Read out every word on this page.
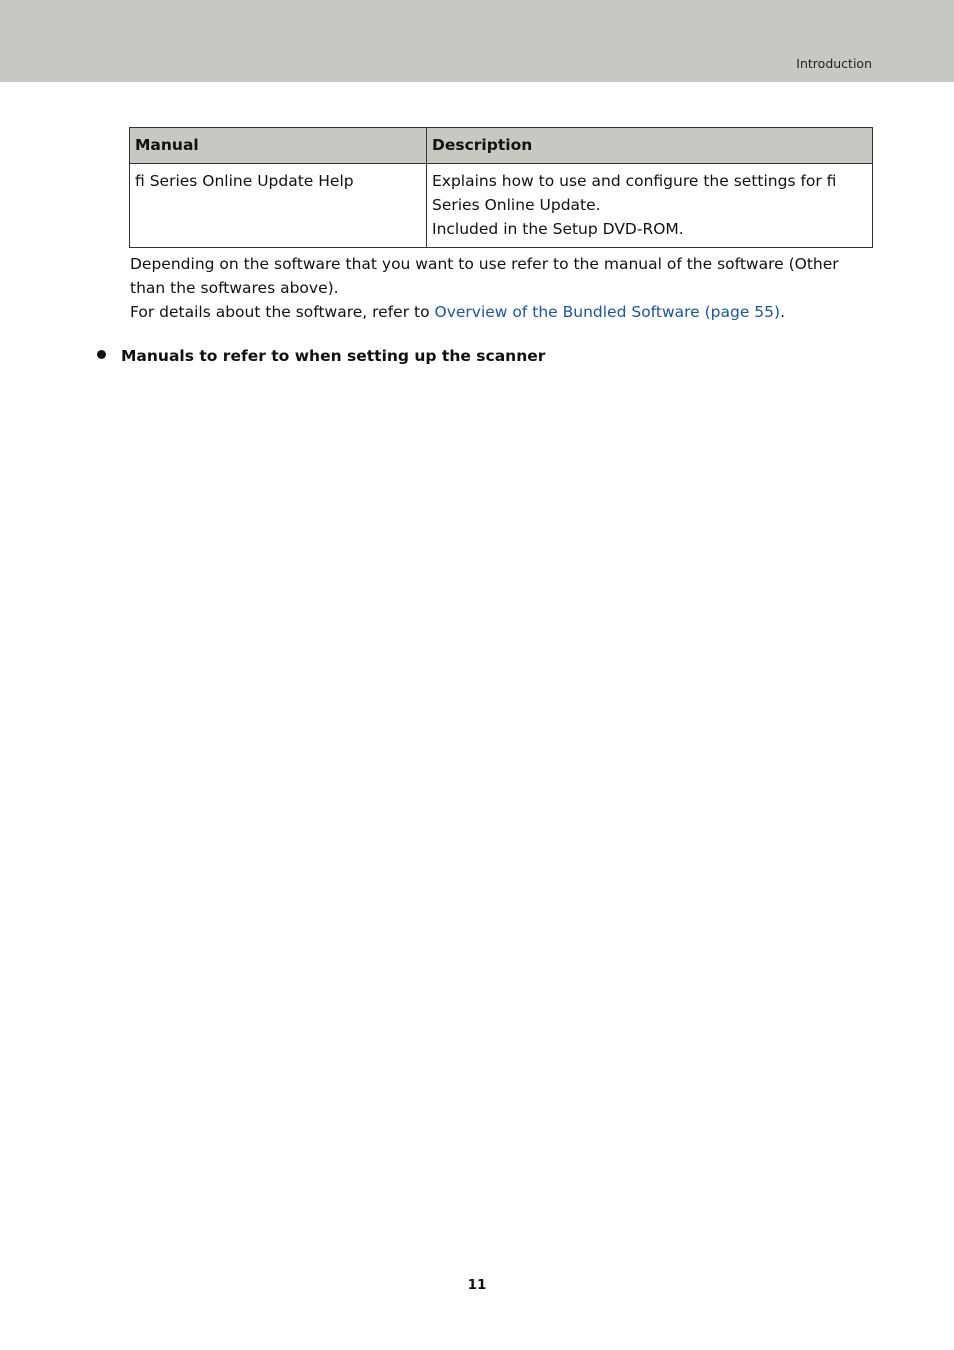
Introduction
Manual	Description
fi Series Online Update Help	Explains how to use and configure the settings for fi
Series Online Update.
Included in the Setup DVD-ROM.

Depending on the software that you want to use refer to the manual of the software (Other than the softwares above).

For details about the software, refer to Overview of the Bundled Software (page 55).

Manuals to refer to when setting up the scanner
11
